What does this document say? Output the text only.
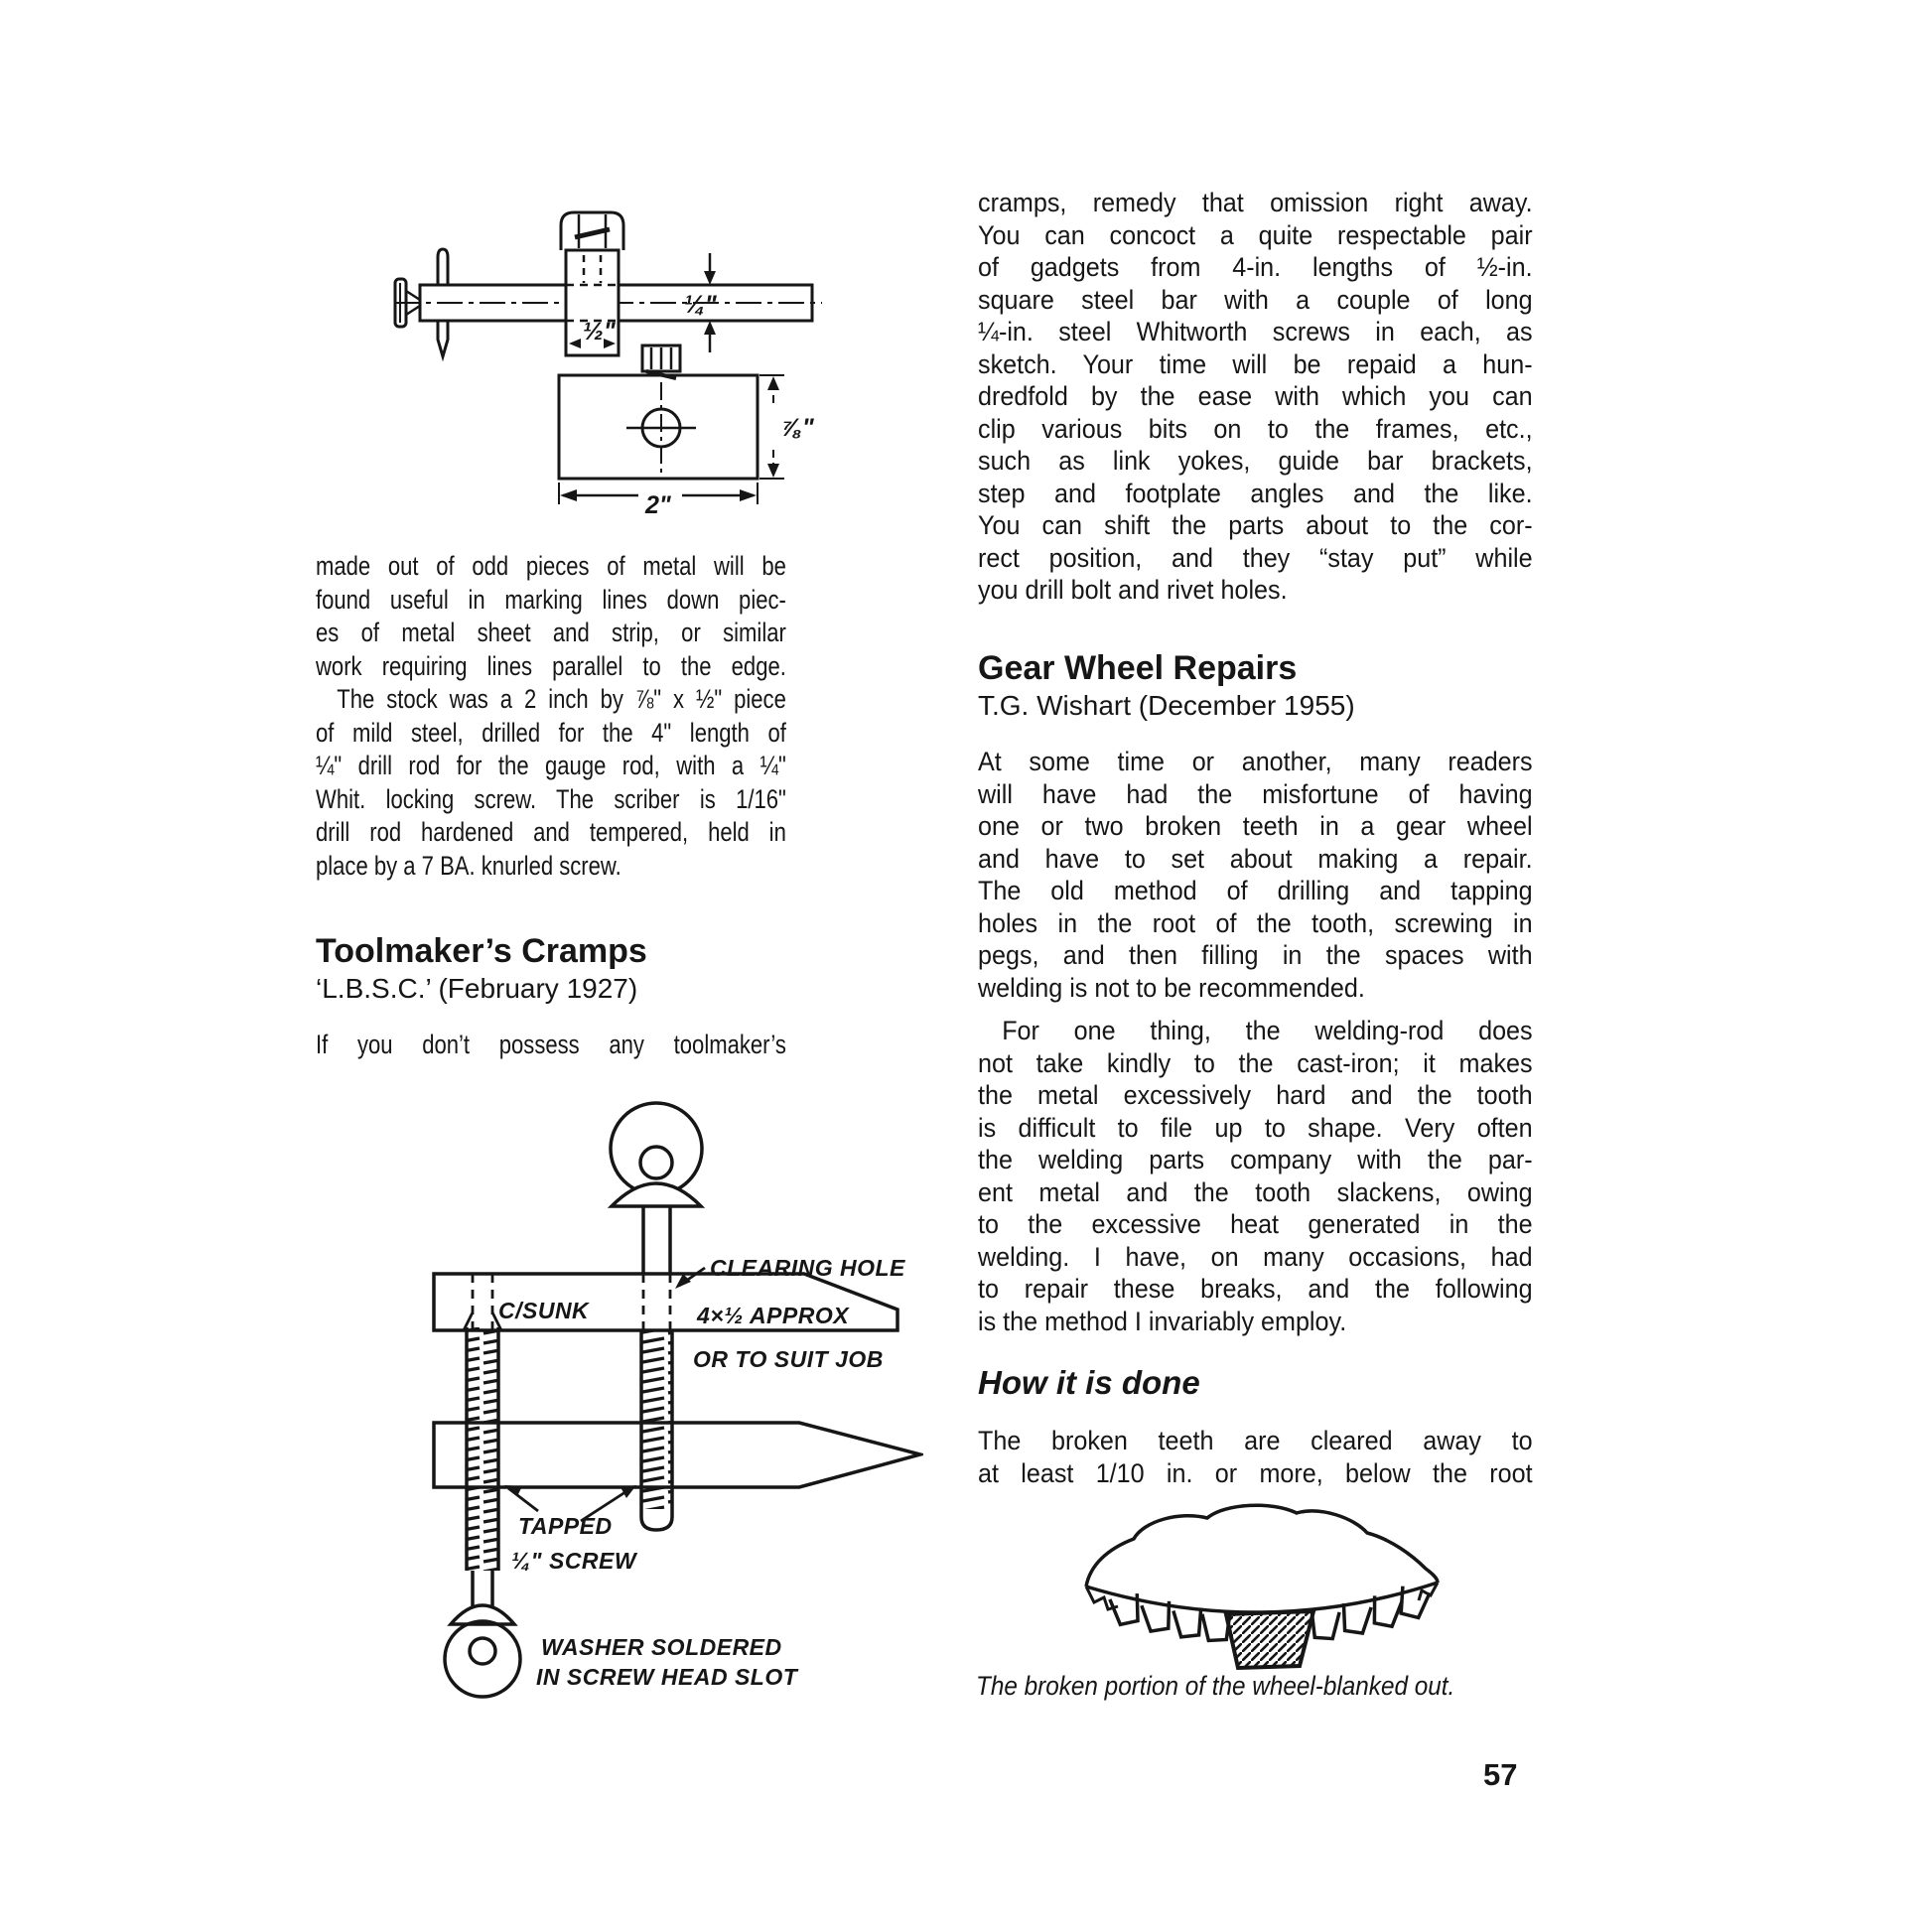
½"
¼"
⅞"
2"
made out of odd pieces of metal will be
found useful in marking lines down piec-
es of metal sheet and strip, or similar
work requiring lines parallel to the edge.
The stock was a 2 inch by ⅞" x ½" piece
of mild steel, drilled for the 4" length of
¼" drill rod for the gauge rod, with a ¼"
Whit. locking screw. The scriber is 1/16"
drill rod hardened and tempered, held in
place by a 7 BA. knurled screw.
Toolmaker’s Cramps
‘L.B.S.C.’ (February 1927)
If you don’t possess any toolmaker’s
CLEARING HOLE
C/SUNK	4×½ APPROX
OR TO SUIT JOB
TAPPED
¼" SCREW
WASHER SOLDERED
IN SCREW HEAD SLOT
cramps, remedy that omission right away.
You can concoct a quite respectable pair
of gadgets from 4-in. lengths of ½-in.
square steel bar with a couple of long
¼-in. steel Whitworth screws in each, as
sketch. Your time will be repaid a hun-
dredfold by the ease with which you can
clip various bits on to the frames, etc.,
such as link yokes, guide bar brackets,
step and footplate angles and the like.
You can shift the parts about to the cor-
rect position, and they “stay put” while
you drill bolt and rivet holes.
Gear Wheel Repairs
T.G. Wishart (December 1955)
At some time or another, many readers
will have had the misfortune of having
one or two broken teeth in a gear wheel
and have to set about making a repair.
The old method of drilling and tapping
holes in the root of the tooth, screwing in
pegs, and then filling in the spaces with
welding is not to be recommended.
For one thing, the welding-rod does
not take kindly to the cast-iron; it makes
the metal excessively hard and the tooth
is difficult to file up to shape. Very often
the welding parts company with the par-
ent metal and the tooth slackens, owing
to the excessive heat generated in the
welding. I have, on many occasions, had
to repair these breaks, and the following
is the method I invariably employ.
How it is done
The broken teeth are cleared away to
at least 1/10 in. or more, below the root
The broken portion of the wheel-blanked out.
57
